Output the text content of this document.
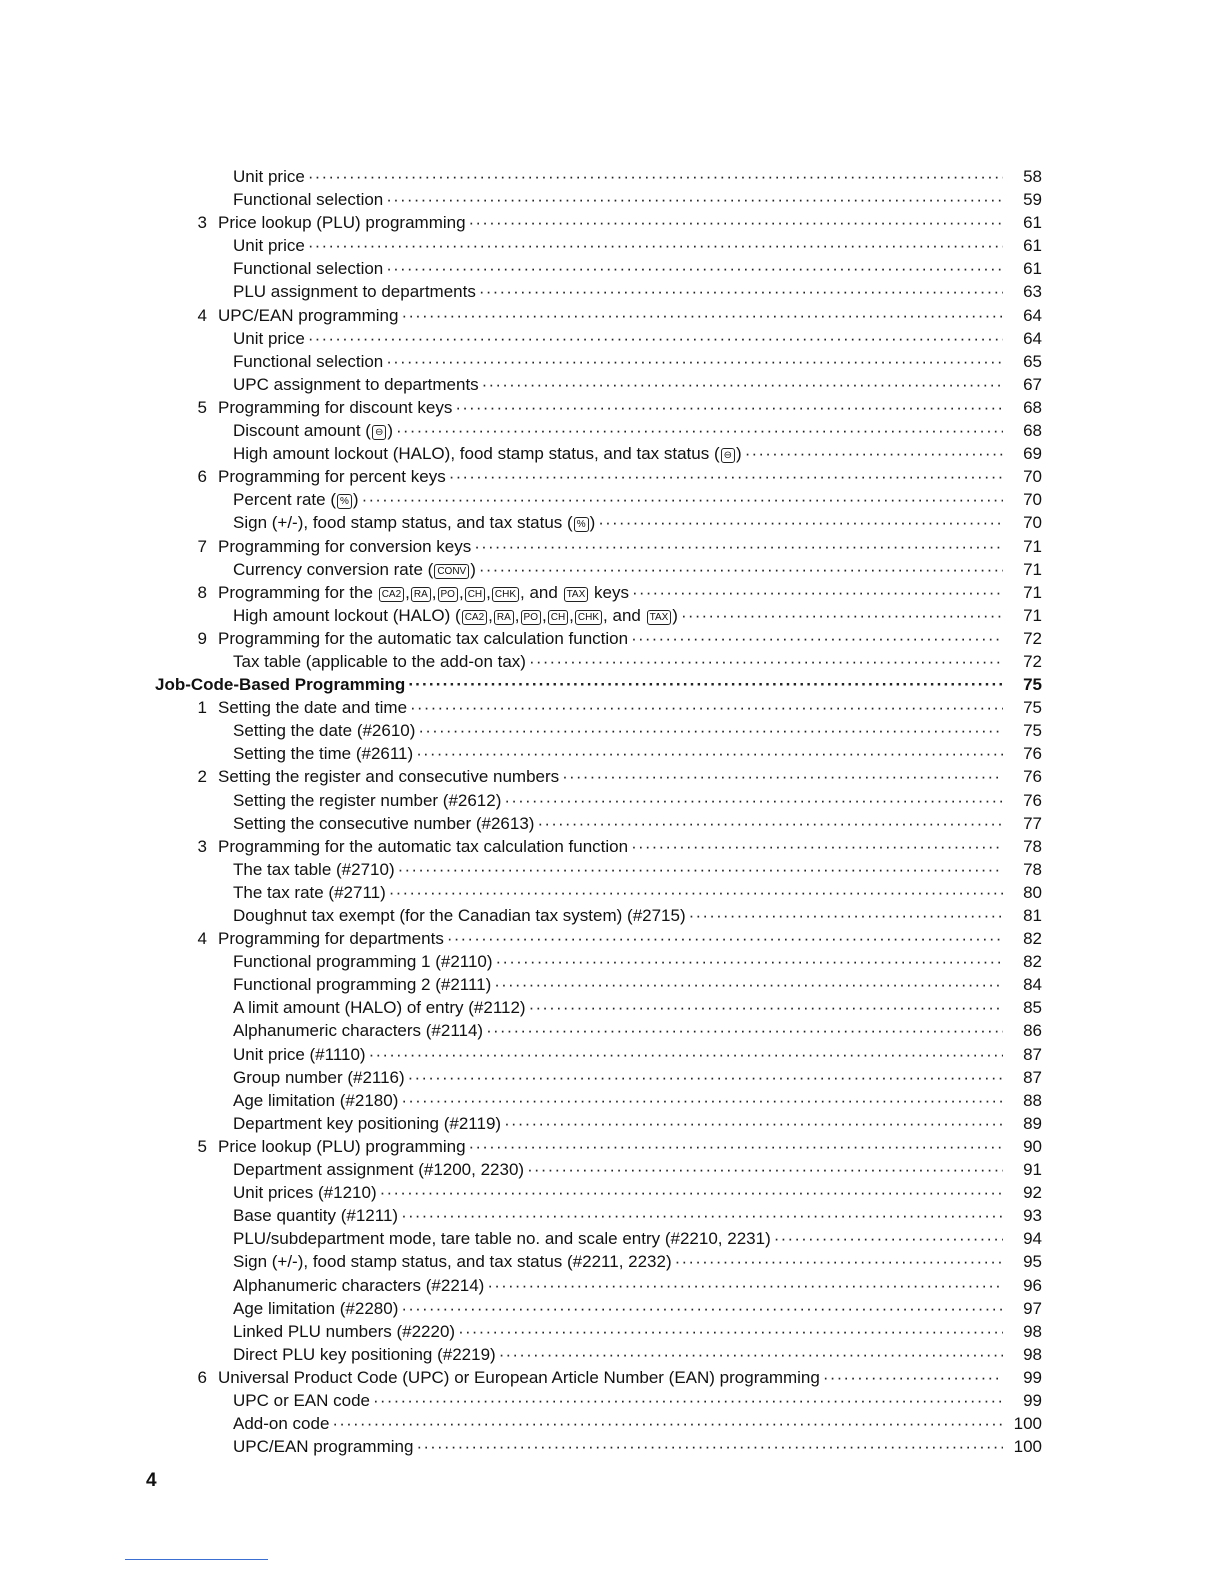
Unit price ·····	58
Functional selection ·····	59
3 Price lookup (PLU) programming ·····	61
Unit price ·····	61
Functional selection ·····	61
PLU assignment to departments ·····	63
4 UPC/EAN programming ·····	64
Unit price ·····	64
Functional selection ·····	65
UPC assignment to departments ·····	67
5 Programming for discount keys ·····	68
Discount amount ( ⊖ ) ·····	68
High amount lockout (HALO), food stamp status, and tax status ( ⊖ ) ·····	69
6 Programming for percent keys ·····	70
Percent rate ( % ) ·····	70
Sign (+/-), food stamp status, and tax status ( % ) ·····	70
7 Programming for conversion keys ·····	71
Currency conversion rate ( CONV ) ·····	71
8 Programming for the CA2 , RA , PO , CH , CHK , and TAX keys ·····	71
High amount lockout (HALO) ( CA2 , RA , PO , CH , CHK , and TAX ) ·····	71
9 Programming for the automatic tax calculation function ·····	72
Tax table (applicable to the add-on tax) ·····	72
Job-Code-Based Programming ·····	75
1 Setting the date and time ·····	75
Setting the date (#2610) ·····	75
Setting the time (#2611) ·····	76
2 Setting the register and consecutive numbers ·····	76
Setting the register number (#2612) ·····	76
Setting the consecutive number (#2613) ·····	77
3 Programming for the automatic tax calculation function ·····	78
The tax table (#2710) ·····	78
The tax rate (#2711) ·····	80
Doughnut tax exempt (for the Canadian tax system) (#2715) ·····	81
4 Programming for departments ·····	82
Functional programming 1 (#2110) ·····	82
Functional programming 2 (#2111) ·····	84
A limit amount (HALO) of entry (#2112) ·····	85
Alphanumeric characters (#2114) ·····	86
Unit price (#1110) ·····	87
Group number (#2116) ·····	87
Age limitation (#2180) ·····	88
Department key positioning (#2119) ·····	89
5 Price lookup (PLU) programming ·····	90
Department assignment (#1200, 2230) ·····	91
Unit prices (#1210) ·····	92
Base quantity (#1211) ·····	93
PLU/subdepartment mode, tare table no. and scale entry (#2210, 2231) ·····	94
Sign (+/-), food stamp status, and tax status (#2211, 2232) ·····	95
Alphanumeric characters (#2214) ·····	96
Age limitation (#2280) ·····	97
Linked PLU numbers (#2220) ·····	98
Direct PLU key positioning (#2219) ·····	98
6 Universal Product Code (UPC) or European Article Number (EAN) programming ·····	99
UPC or EAN code ·····	99
Add-on code ·····	100
UPC/EAN programming ·····	100
4
